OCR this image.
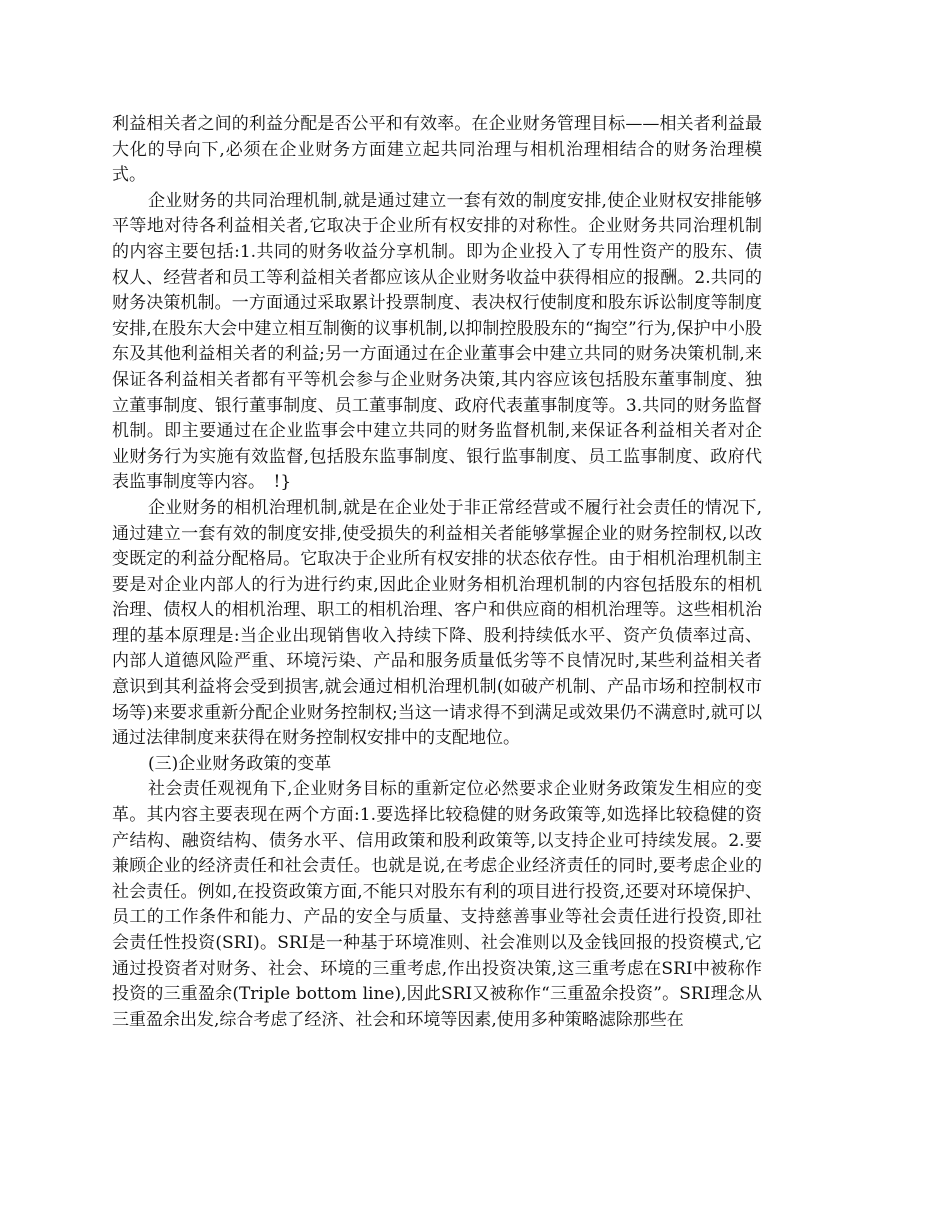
利益相关者之间的利益分配是否公平和有效率。在企业财务管理目标——相关者利益最大化的导向下,必须在企业财务方面建立起共同治理与相机治理相结合的财务治理模式。

企业财务的共同治理机制,就是通过建立一套有效的制度安排,使企业财权安排能够平等地对待各利益相关者,它取决于企业所有权安排的对称性。企业财务共同治理机制的内容主要包括:1.共同的财务收益分享机制。即为企业投入了专用性资产的股东、债权人、经营者和员工等利益相关者都应该从企业财务收益中获得相应的报酬。2.共同的财务决策机制。一方面通过采取累计投票制度、表决权行使制度和股东诉讼制度等制度安排,在股东大会中建立相互制衡的议事机制,以抑制控股股东的“掏空”行为,保护中小股东及其他利益相关者的利益;另一方面通过在企业董事会中建立共同的财务决策机制,来保证各利益相关者都有平等机会参与企业财务决策,其内容应该包括股东董事制度、独立董事制度、银行董事制度、员工董事制度、政府代表董事制度等。3.共同的财务监督机制。即主要通过在企业监事会中建立共同的财务监督机制,来保证各利益相关者对企业财务行为实施有效监督,包括股东监事制度、银行监事制度、员工监事制度、政府代表监事制度等内容。　!}

企业财务的相机治理机制,就是在企业处于非正常经营或不履行社会责任的情况下,通过建立一套有效的制度安排,使受损失的利益相关者能够掌握企业的财务控制权,以改变既定的利益分配格局。它取决于企业所有权安排的状态依存性。由于相机治理机制主要是对企业内部人的行为进行约束,因此企业财务相机治理机制的内容包括股东的相机治理、债权人的相机治理、职工的相机治理、客户和供应商的相机治理等。这些相机治理的基本原理是:当企业出现销售收入持续下降、股利持续低水平、资产负债率过高、内部人道德风险严重、环境污染、产品和服务质量低劣等不良情况时,某些利益相关者意识到其利益将会受到损害,就会通过相机治理机制(如破产机制、产品市场和控制权市场等)来要求重新分配企业财务控制权;当这一请求得不到满足或效果仍不满意时,就可以通过法律制度来获得在财务控制权安排中的支配地位。

(三)企业财务政策的变革

社会责任观视角下,企业财务目标的重新定位必然要求企业财务政策发生相应的变革。其内容主要表现在两个方面:1.要选择比较稳健的财务政策等,如选择比较稳健的资产结构、融资结构、债务水平、信用政策和股利政策等,以支持企业可持续发展。2.要兼顾企业的经济责任和社会责任。也就是说,在考虑企业经济责任的同时,要考虑企业的社会责任。例如,在投资政策方面,不能只对股东有利的项目进行投资,还要对环境保护、员工的工作条件和能力、产品的安全与质量、支持慈善事业等社会责任进行投资,即社会责任性投资(SRI)。SRI是一种基于环境准则、社会准则以及金钱回报的投资模式,它通过投资者对财务、社会、环境的三重考虑,作出投资决策,这三重考虑在SRI中被称作投资的三重盈余(Triple bottom line),因此SRI又被称作“三重盈余投资”。SRI理念从三重盈余出发,综合考虑了经济、社会和环境等因素,使用多种策略滤除那些在
